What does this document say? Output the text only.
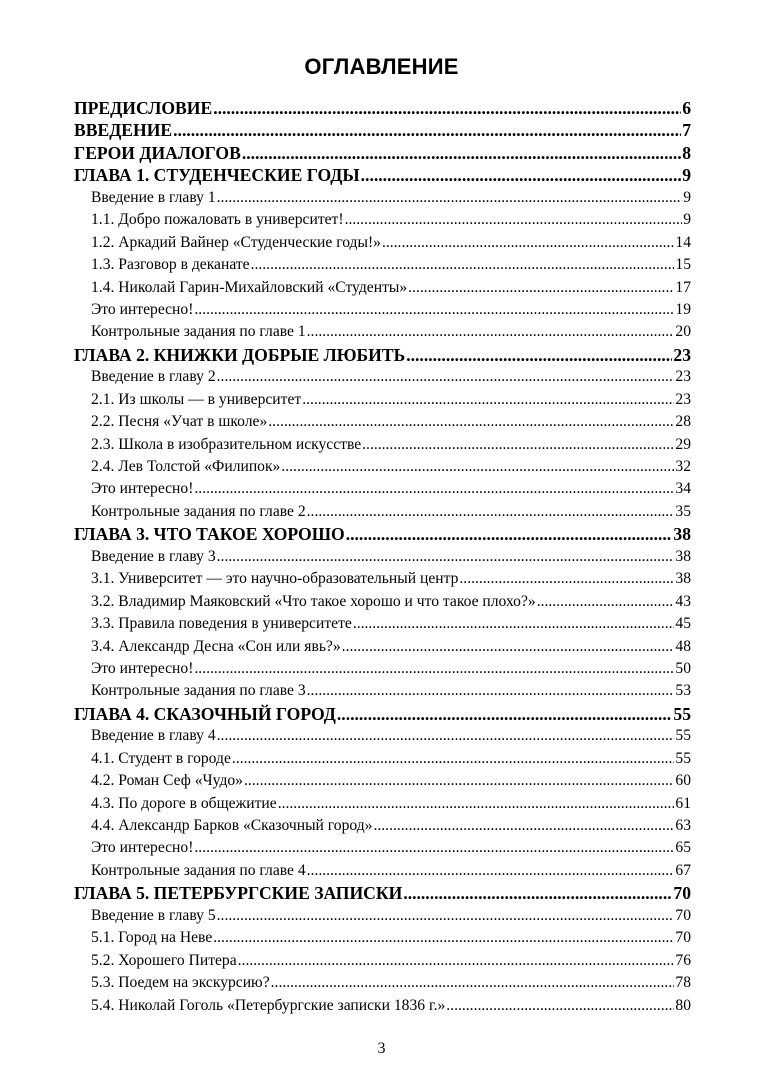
ОГЛАВЛЕНИЕ
ПРЕДИСЛОВИЕ .....	6
ВВЕДЕНИЕ .....	7
ГЕРОИ ДИАЛОГОВ .....	8
ГЛАВА 1. СТУДЕНЧЕСКИЕ ГОДЫ .....	9
Введение в главу 1 .....	9
1.1. Добро пожаловать в университет! .....	9
1.2. Аркадий Вайнер «Студенческие годы!» .....	14
1.3. Разговор в деканате .....	15
1.4. Николай Гарин-Михайловский «Студенты» .....	17
Это интересно! .....	19
Контрольные задания по главе 1 .....	20
ГЛАВА 2. КНИЖКИ ДОБРЫЕ ЛЮБИТЬ .....	23
Введение в главу 2 .....	23
2.1. Из школы — в университет .....	23
2.2. Песня «Учат в школе» .....	28
2.3. Школа в изобразительном искусстве .....	29
2.4. Лев Толстой «Филипок» .....	32
Это интересно! .....	34
Контрольные задания по главе 2 .....	35
ГЛАВА 3. ЧТО ТАКОЕ ХОРОШО .....	38
Введение в главу 3 .....	38
3.1. Университет — это научно-образовательный центр .....	38
3.2. Владимир Маяковский «Что такое хорошо и что такое плохо?» .....	43
3.3. Правила поведения в университете .....	45
3.4. Александр Десна «Сон или явь?» .....	48
Это интересно! .....	50
Контрольные задания по главе 3 .....	53
ГЛАВА 4. СКАЗОЧНЫЙ ГОРОД .....	55
Введение в главу 4 .....	55
4.1. Студент в городе .....	55
4.2. Роман Сеф «Чудо» .....	60
4.3. По дороге в общежитие .....	61
4.4. Александр Барков «Сказочный город» .....	63
Это интересно! .....	65
Контрольные задания по главе 4 .....	67
ГЛАВА 5. ПЕТЕРБУРГСКИЕ ЗАПИСКИ .....	70
Введение в главу 5 .....	70
5.1. Город на Неве .....	70
5.2. Хорошего Питера .....	76
5.3. Поедем на экскурсию? .....	78
5.4. Николай Гоголь «Петербургские записки 1836 г.» .....	80
3
